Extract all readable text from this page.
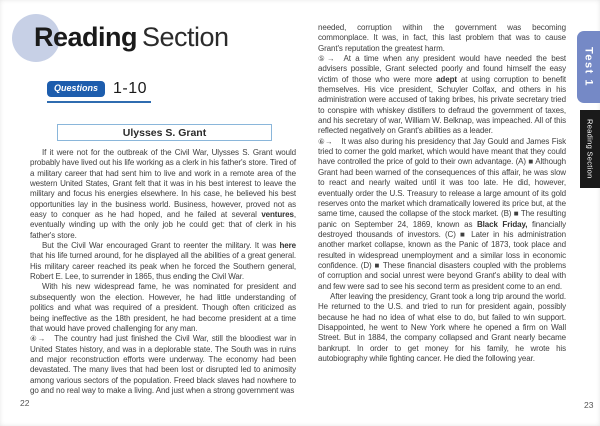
Reading Section
Questions 1-10
Ulysses S. Grant

If it were not for the outbreak of the Civil War, Ulysses S. Grant would probably have lived out his life working as a clerk in his father's store. Tired of a military career that had sent him to live and work in a remote area of the western United States, Grant felt that it was in his best interest to leave the military and focus his energies elsewhere. In his case, he believed his best opportunities lay in the business world. Business, however, proved not as easy to conquer as he had hoped, and he failed at several ventures, eventually winding up with the only job he could get: that of clerk in his father's store.

But the Civil War encouraged Grant to reenter the military. It was here that his life turned around, for he displayed all the abilities of a great general. His military career reached its peak when he forced the Southern general, Robert E. Lee, to surrender in 1865, thus ending the Civil War.

With his new widespread fame, he was nominated for president and subsequently won the election. However, he had little understanding of politics and what was required of a president. Though often criticized as being ineffective as the 18th president, he had become president at a time that would have proved challenging for any man.

④→ The country had just finished the Civil War, still the bloodiest war in United States history, and was in a deplorable state. The South was in ruins and major reconstruction efforts were underway. The economy had been devastated. The many lives that had been lost or disrupted led to animosity among various sectors of the population. Freed black slaves had nowhere to go and no real way to make a living. And just when a strong government was

22

needed, corruption within the government was becoming commonplace. It was, in fact, this last problem that was to cause Grant's reputation the greatest harm.

⑤→ At a time when any president would have needed the best advisers possible, Grant selected poorly and found himself the easy victim of those who were more adept at using corruption to benefit themselves. His vice president, Schuyler Colfax, and others in his administration were accused of taking bribes, his private secretary tried to conspire with whiskey distillers to defraud the government of taxes, and his secretary of war, William W. Belknap, was impeached. All of this reflected negatively on Grant's abilities as a leader.

⑥→ It was also during his presidency that Jay Gould and James Fisk tried to corner the gold market, which would have meant that they could have controlled the price of gold to their own advantage. (A) ■ Although Grant had been warned of the consequences of this affair, he was slow to react and nearly waited until it was too late. He did, however, eventually order the U.S. Treasury to release a large amount of its gold reserves onto the market which dramatically lowered its price but, at the same time, caused the collapse of the stock market. (B) ■ The resulting panic on September 24, 1869, known as Black Friday, financially destroyed thousands of investors. (C) ■ Later in his administration another market collapse, known as the Panic of 1873, took place and resulted in widespread unemployment and a similar loss in economic confidence. (D) ■ These financial disasters coupled with the problems of corruption and social unrest were beyond Grant's ability to deal with and few were sad to see his second term as president come to an end.

After leaving the presidency, Grant took a long trip around the world. He returned to the U.S. and tried to run for president again, possibly because he had no idea of what else to do, but failed to win support. Disappointed, he went to New York where he opened a firm on Wall Street. But in 1884, the company collapsed and Grant nearly became bankrupt. In order to get money for his family, he wrote his autobiography while fighting cancer. He died the following year.

Test 1
Reading Section
23
